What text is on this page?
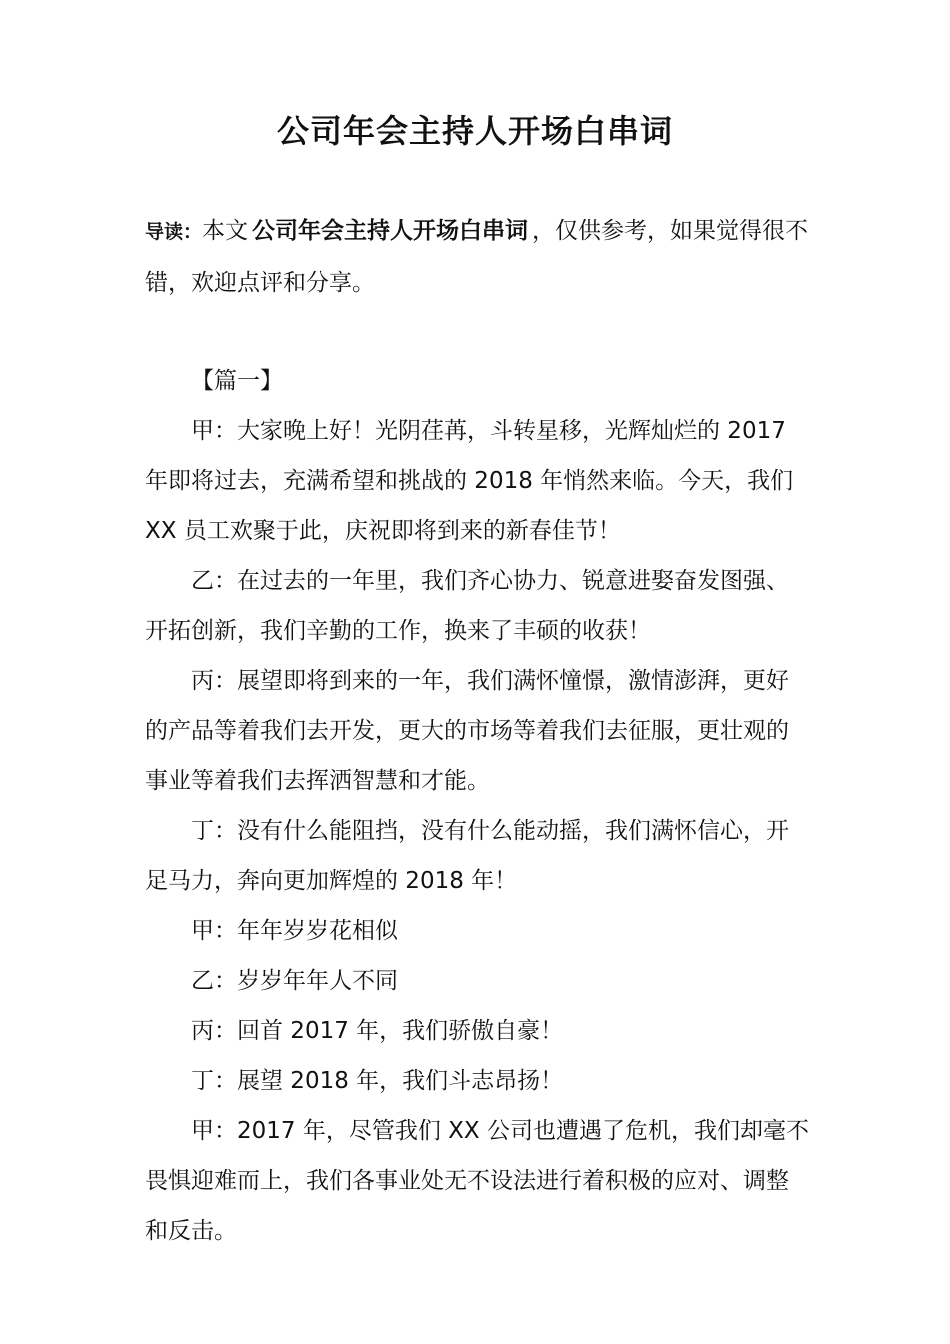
公司年会主持人开场白串词

导读：本文 公司年会主持人开场白串词 ，仅供参考，如果觉得很不错，欢迎点评和分享。

【篇一】

甲：大家晚上好！光阴荏苒，斗转星移，光辉灿烂的 2017 年即将过去，充满希望和挑战的 2018 年悄然来临。今天，我们 XX 员工欢聚于此，庆祝即将到来的新春佳节！

乙：在过去的一年里，我们齐心协力、锐意进娶奋发图强、开拓创新，我们辛勤的工作，换来了丰硕的收获！

丙：展望即将到来的一年，我们满怀憧憬，激情澎湃，更好的产品等着我们去开发，更大的市场等着我们去征服，更壮观的事业等着我们去挥洒智慧和才能。

丁：没有什么能阻挡，没有什么能动摇，我们满怀信心，开足马力，奔向更加辉煌的 2018 年！

甲：年年岁岁花相似

乙：岁岁年年人不同

丙：回首 2017 年，我们骄傲自豪！

丁：展望 2018 年，我们斗志昂扬！

甲：2017 年，尽管我们 XX 公司也遭遇了危机，我们却毫不畏惧迎难而上，我们各事业处无不设法进行着积极的应对、调整和反击。
